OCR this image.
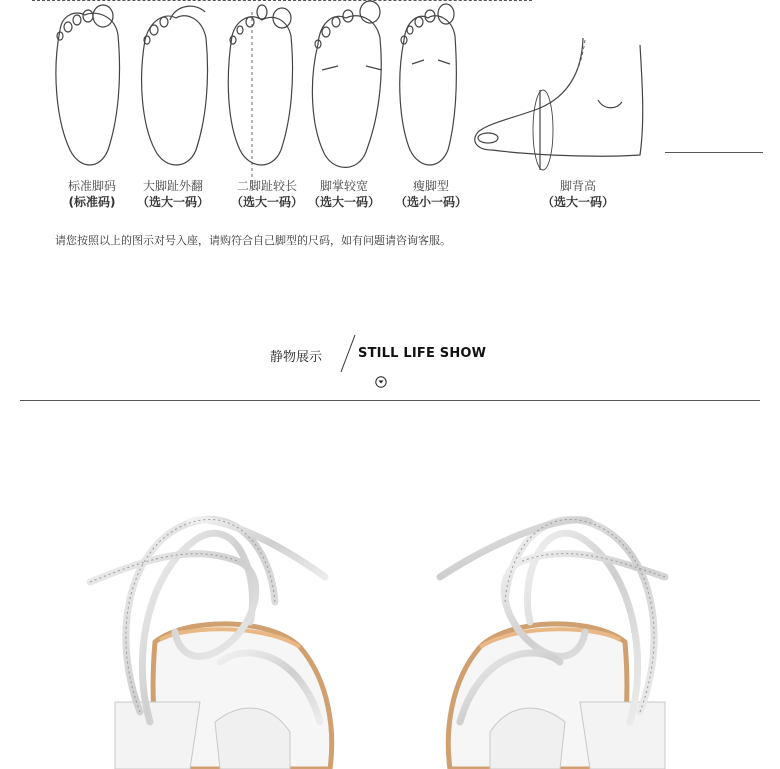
标准脚码
(标准码)
大脚趾外翻
（选大一码）
二脚趾较长
（选大一码）
脚掌较宽
（选大一码）
瘦脚型
（选小一码）
脚背高
（选大一码）
请您按照以上的图示对号入座，请购符合自己脚型的尺码，如有问题请咨询客服。
静物展示	STILL LIFE SHOW
